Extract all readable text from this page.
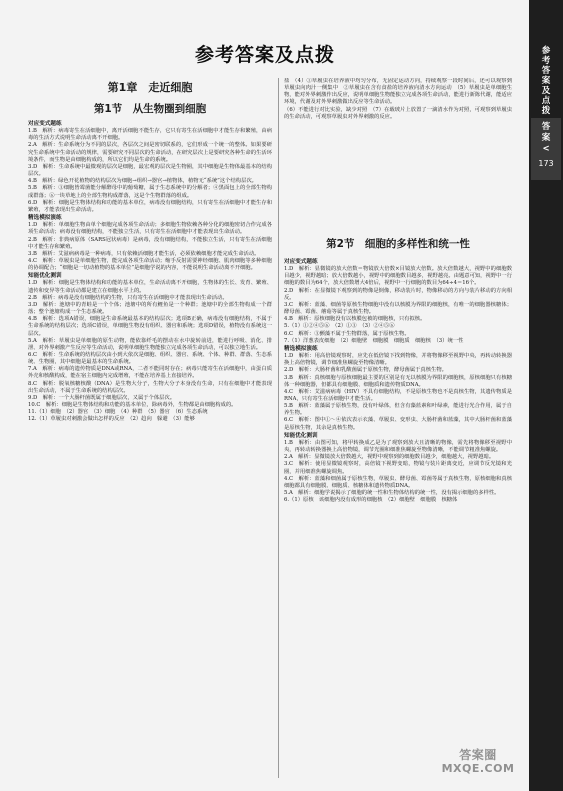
参考答案及点拨
第1章　走近细胞
第1节　从生物圈到细胞
对应变式题练

1.B　解析：病毒寄生在活细胞中，离开活细胞不能生存，它只有寄生在活细胞中才能生存和繁殖，由病毒的生活方式说明生命活动离不开细胞。

2.A　解析：生命系统分为不同的层次，各层次之间是密切联系的，它们形成一个统一的整体。如果要研究生命系统中生命活动的规律，需要研究不同层次的生命活动，在研究层次上是要研究各种生命的生活环境条件，而生物是由细胞构成的，所以它们均是生命的系统。

3.D　解析：生命系统中最微观的层次是细胞，最宏观的层次是生物圈，其中细胞是生物体最基本的结构层次。

4.B　解析：绿色开花植物的结构层次为细胞→组织→器官→植物体，植物无“系统”这个结构层次。

5.B　解析：③细胞皆霉菌能分解酵母中的葡萄糖，属于生态系统中的分解者；④黑面包上的全部生物构成群落；⑥一块草地上的全部生物构成群落，这是个生物群落的组成。

6.D　解析：细胞是生物体结构和功能的基本单位，病毒没有细胞结构，只有寄生在活细胞中才能生存和繁殖，才能表现出生命活动。

精选模拟演练

1.D　解析：单细胞生物由单个细胞完成各项生命活动；多细胞生物依赖各种分化的细胞密切合作完成各项生命活动；病毒没有细胞结构，不能独立生活，只有寄生在活细胞中才能表现出生命活动。

2.B　解析：非典病原体（SARS冠状病毒）是病毒，没有细胞结构，不能独立生活，只有寄生在活细胞中才能生存和繁殖。

3.B　解析：艾滋病病毒是一种病毒，只有依赖活细胞才能生活，必须依赖细胞才能完成生命活动。

4.C　解析：草履虫是单细胞生物，能完成各项生命活动；缩手反射需要神经细胞、肌肉细胞等多种细胞的协调配合；“细胞是一切动植物的基本单位”是细胞学说的内容，不能说明生命活动离不开细胞。

知能优化测训

1.D　解析：细胞是生物体结构和功能的基本单位，生命活动离不开细胞，生物体的生长、发育、繁殖、遗传和变异等生命活动都是建立在细胞水平上的。

2.B　解析：病毒是没有细胞结构的生物，只有寄生在活细胞中才能表现出生命活动。

3.D　解析：池塘中的青蛙是一个个体；池塘中的所有鲤鱼是一个种群；池塘中的全部生物构成一个群落；整个池塘构成一个生态系统。

4.B　解析：选项A错误，细胞是生命系统最基本的结构层次；选项B正确，病毒没有细胞结构，不属于生命系统的结构层次；选项C错误，单细胞生物没有组织、器官和系统；选项D错误，植物没有系统这一层次。

5.A　解析：草履虫是单细胞的原生动物，能依靠纤毛的摆动在水中旋转前进，能进行呼吸、消化、排泄、对外界刺激产生反应等生命活动，说明单细胞生物能独立完成各项生命活动，可以独立地生活。

6.C　解析：生命系统的结构层次由小到大依次是细胞、组织、器官、系统、个体、种群、群落、生态系统、生物圈，其中细胞是最基本的生命系统。

7.A　解析：病毒的遗传物质是DNA或RNA，二者不能同时存在；病毒只能寄生在活细胞中，由蛋白质外壳和核酸构成，能在宿主细胞内完成增殖，不能在培养基上直接培养。

8.C　解析：脱氧核糖核酸（DNA）是生物大分子，生物大分子本身没有生命，只有在细胞中才能表现出生命活动，不属于生命系统的结构层次。

9.D　解析：一个大肠杆菌既属于细胞层次，又属于个体层次。

10.C　解析：细胞是生物体结构和功能的基本单位，除病毒外，生物都是由细胞构成的。

11.（1）细胞　（2）器官　（3）细胞　（4）种群　（5）器官　（6）生态系统

12.（1）草履虫对刺激会做出怎样的反应　（2）趋向　躲避　（3）能够

盐　（4）①草履虫在培养液中均匀分布，无固定运动方向，持续观察一段时间后，还可以观察到草履虫向肉汁一侧集中　②草履虫在含有食盐的培养液向清水方向运动　（5）草履虫是单细胞生物，能对外界刺激作出反应，说明单细胞生物能独立完成各项生命活动，能进行新陈代谢，能适应环境，代谢及对外界刺激做出反应等生命活动。

（6）不能进行对比实验，缺少对照　（7）在载玻片上放置了一滴清水作为对照，可观察到草履虫的生命活动，可观察草履虫对外界刺激的反应。

第2节　细胞的多样性和统一性
对应变式题练

1.D　解析：显微镜的放大倍数＝物镜放大倍数×目镜放大倍数。放大倍数越大，视野中的细胞数目越少，视野越暗；放大倍数越小，视野中的细胞数目越多，视野越亮。由题意可知，视野中一行细胞的数目为64个，放大倍数增大4倍后，视野中一行细胞的数目为64÷4＝16个。

2.D　解析：在显微镜下观察到的物像是倒像，移动装片时，物像移动的方向与装片移动的方向相反。

3.C　解析：蓝藻、细菌等原核生物细胞中没有以核膜为界限的细胞核，有唯一的细胞器核糖体；酵母菌、霉菌、蘑菇等属于真核生物。

4.B　解析：原核细胞没有以核膜包被的细胞核，只有拟核。

5.（1）①②④⑤⑥　（2）①③　（3）②④⑤⑥

6.C　解析：③颤藻不属于生物群落，属于原核生物。

7.（1）洋葱表皮细胞　（2）细胞壁　细胞膜　细胞质　细胞核　（3）统一性

精选模拟演练

1.D　解析：用高倍镜观察时，应先在低倍镜下找到物像，并将物像移至视野中央，再转动转换器换上高倍物镜，调节细准焦螺旋至物像清晰。

2.D　解析：大肠杆菌和乳酸菌属于原核生物，酵母菌属于真核生物。

3.B　解析：真核细胞与原核细胞最主要的区别是有无以核膜为界限的细胞核，原核细胞只有核糖体一种细胞器，但都具有细胞膜、细胞质和遗传物质DNA。

4.C　解析：艾滋病病毒（HIV）不具有细胞结构，不是原核生物也不是真核生物，其遗传物质是RNA，只有寄生在活细胞中才能生活。

5.B　解析：蓝藻属于原核生物，没有叶绿体，但含有藻蓝素和叶绿素，能进行光合作用，属于自养生物。

6.C　解析：图中①～④依次表示衣藻、草履虫、变形虫、大肠杆菌和蓝藻，其中大肠杆菌和蓝藻是原核生物，其余是真核生物。

知能优化测训

1.B　解析：由图可知，将甲转换成乙是为了观察到放大且清晰的物像，需先将物像移至视野中央，再转动转换器换上高倍物镜，调节光圈和细准焦螺旋至物像清晰，不能调节粗准焦螺旋。

2.A　解析：显微镜放大倍数越大，视野中观察到的细胞数目越少，细胞越大，视野越暗。

3.C　解析：使用显微镜观察时，高倍镜下视野变暗，物镜与装片距离变近，应调节反光镜和光圈，并用细准焦螺旋调焦。

4.C　解析：蓝藻和细菌属于原核生物，草履虫、酵母菌、霉菌等属于真核生物，原核细胞和真核细胞都具有细胞膜、细胞质、核糖体和遗传物质DNA。

5.A　解析：细胞学说揭示了细胞的统一性和生物体结构的统一性，没有揭示细胞的多样性。

6.（1）原核　该细胞内没有成形的细胞核　（2）细胞壁　细胞膜　核糖体

参
考
答
案
及
点
拨
答
案
<
173
答案圈
MXQE.COM
